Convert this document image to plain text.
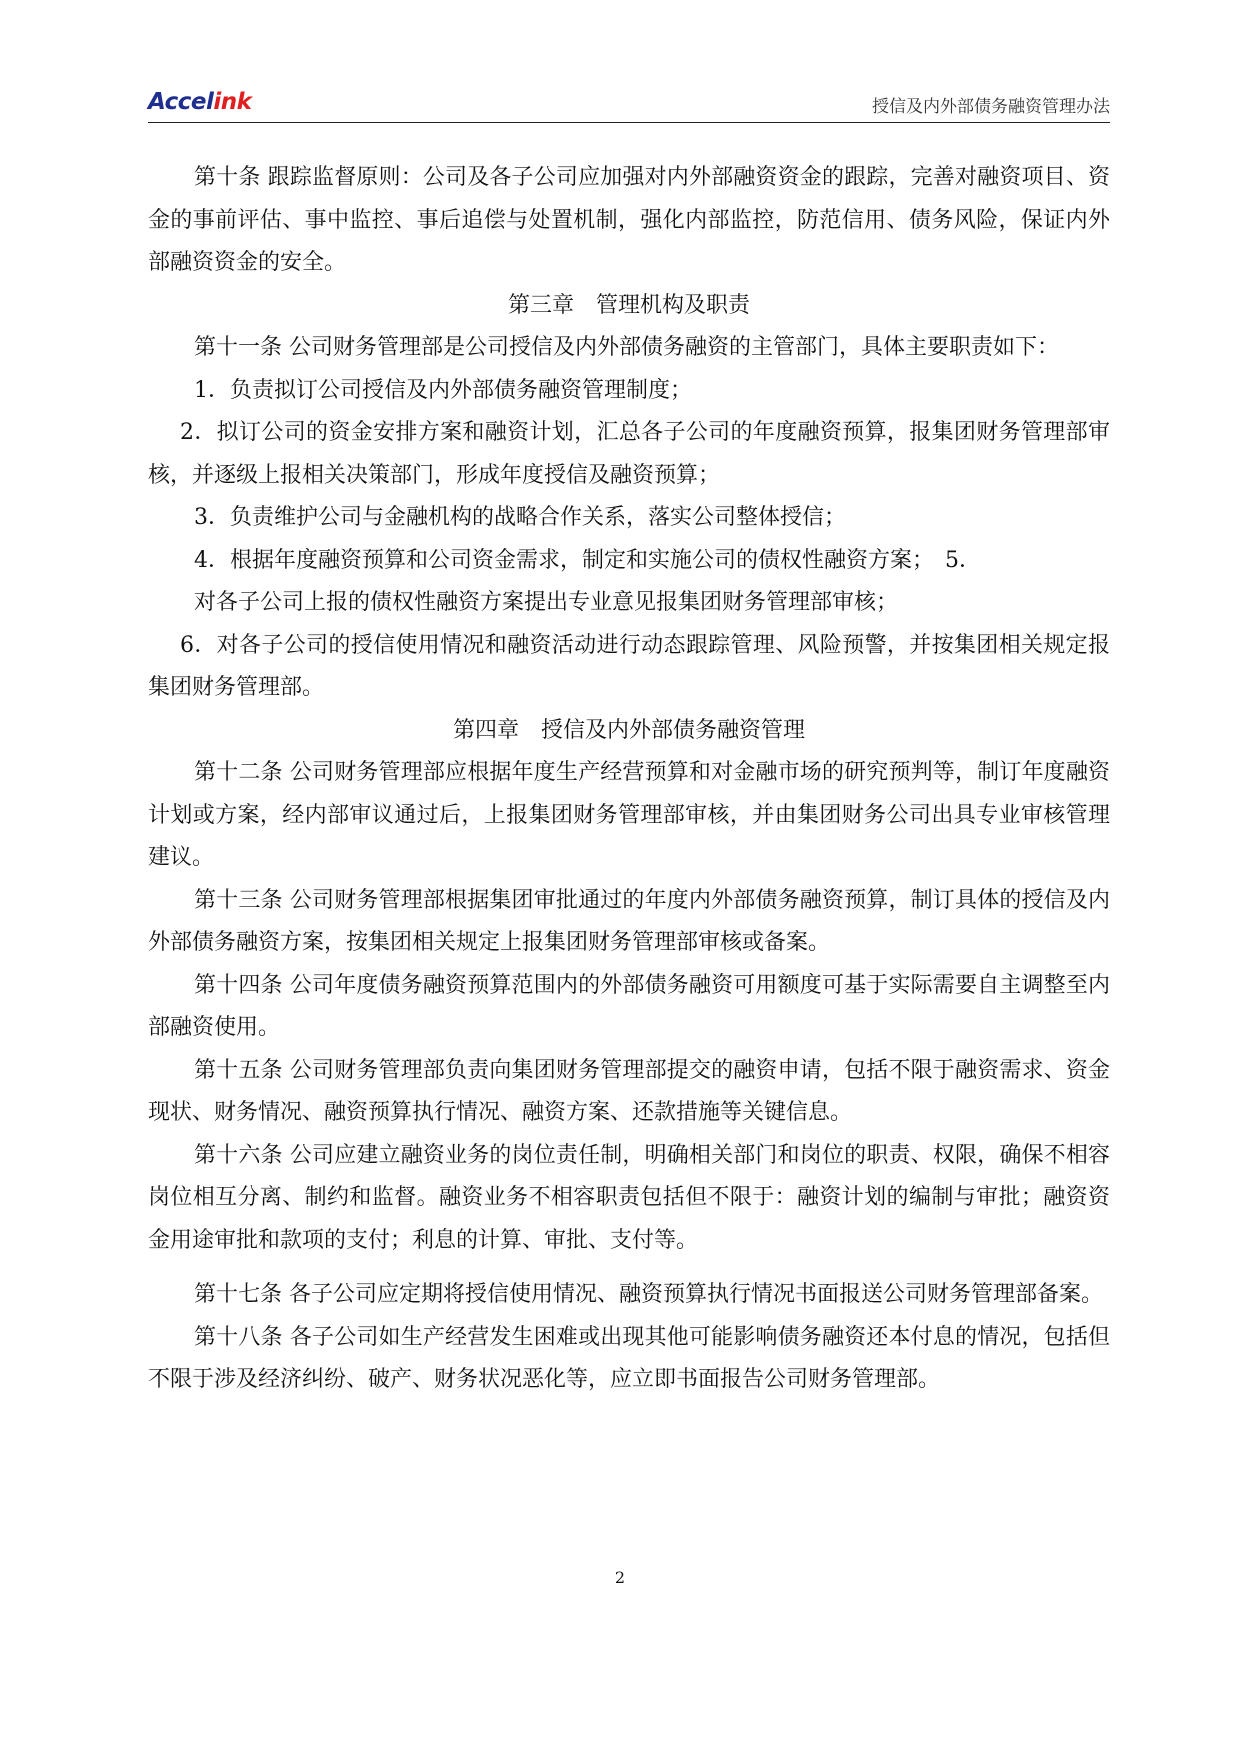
Accelink	授信及内外部债务融资管理办法

第十条 跟踪监督原则：公司及各子公司应加强对内外部融资资金的跟踪，完善对融资项目、资金的事前评估、事中监控、事后追偿与处置机制，强化内部监控，防范信用、债务风险，保证内外部融资资金的安全。

第三章　管理机构及职责

第十一条 公司财务管理部是公司授信及内外部债务融资的主管部门，具体主要职责如下：

1．负责拟订公司授信及内外部债务融资管理制度；

2．拟订公司的资金安排方案和融资计划，汇总各子公司的年度融资预算，报集团财务管理部审核，并逐级上报相关决策部门，形成年度授信及融资预算；

3．负责维护公司与金融机构的战略合作关系，落实公司整体授信；

4．根据年度融资预算和公司资金需求，制定和实施公司的债权性融资方案；　5．

对各子公司上报的债权性融资方案提出专业意见报集团财务管理部审核；

6．对各子公司的授信使用情况和融资活动进行动态跟踪管理、风险预警，并按集团相关规定报集团财务管理部。

第四章　授信及内外部债务融资管理

第十二条 公司财务管理部应根据年度生产经营预算和对金融市场的研究预判等，制订年度融资计划或方案，经内部审议通过后，上报集团财务管理部审核，并由集团财务公司出具专业审核管理建议。

第十三条 公司财务管理部根据集团审批通过的年度内外部债务融资预算，制订具体的授信及内外部债务融资方案，按集团相关规定上报集团财务管理部审核或备案。

第十四条 公司年度债务融资预算范围内的外部债务融资可用额度可基于实际需要自主调整至内部融资使用。

第十五条 公司财务管理部负责向集团财务管理部提交的融资申请，包括不限于融资需求、资金现状、财务情况、融资预算执行情况、融资方案、还款措施等关键信息。

第十六条 公司应建立融资业务的岗位责任制，明确相关部门和岗位的职责、权限，确保不相容岗位相互分离、制约和监督。融资业务不相容职责包括但不限于：融资计划的编制与审批；融资资金用途审批和款项的支付；利息的计算、审批、支付等。

第十七条 各子公司应定期将授信使用情况、融资预算执行情况书面报送公司财务管理部备案。

第十八条 各子公司如生产经营发生困难或出现其他可能影响债务融资还本付息的情况，包括但不限于涉及经济纠纷、破产、财务状况恶化等，应立即书面报告公司财务管理部。

2
